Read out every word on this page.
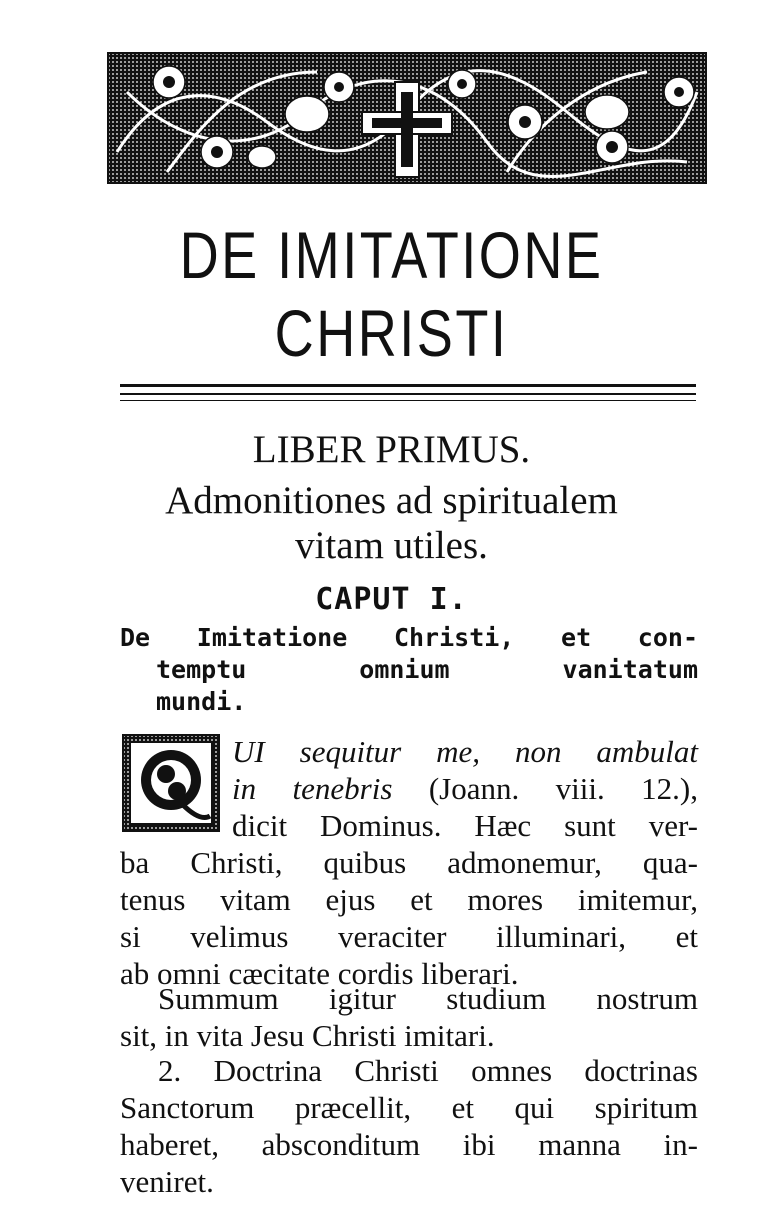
DE IMITATIONE
CHRISTI
LIBER PRIMUS.
Admonitiones ad spiritualem
vitam utiles.
CAPUT I.
De Imitatione Christi, et con-
temptu omnium vanitatum
mundi.
UI sequitur me, non ambulat
in tenebris (Joann. viii. 12.),
dicit Dominus. Hæc sunt ver-
ba Christi, quibus admonemur, qua-
tenus vitam ejus et mores imitemur,
si velimus veraciter illuminari, et
ab omni cæcitate cordis liberari.
Summum igitur studium nostrum
sit, in vita Jesu Christi imitari.
2. Doctrina Christi omnes doctrinas
Sanctorum præcellit, et qui spiritum
haberet, absconditum ibi manna in-
veniret.
